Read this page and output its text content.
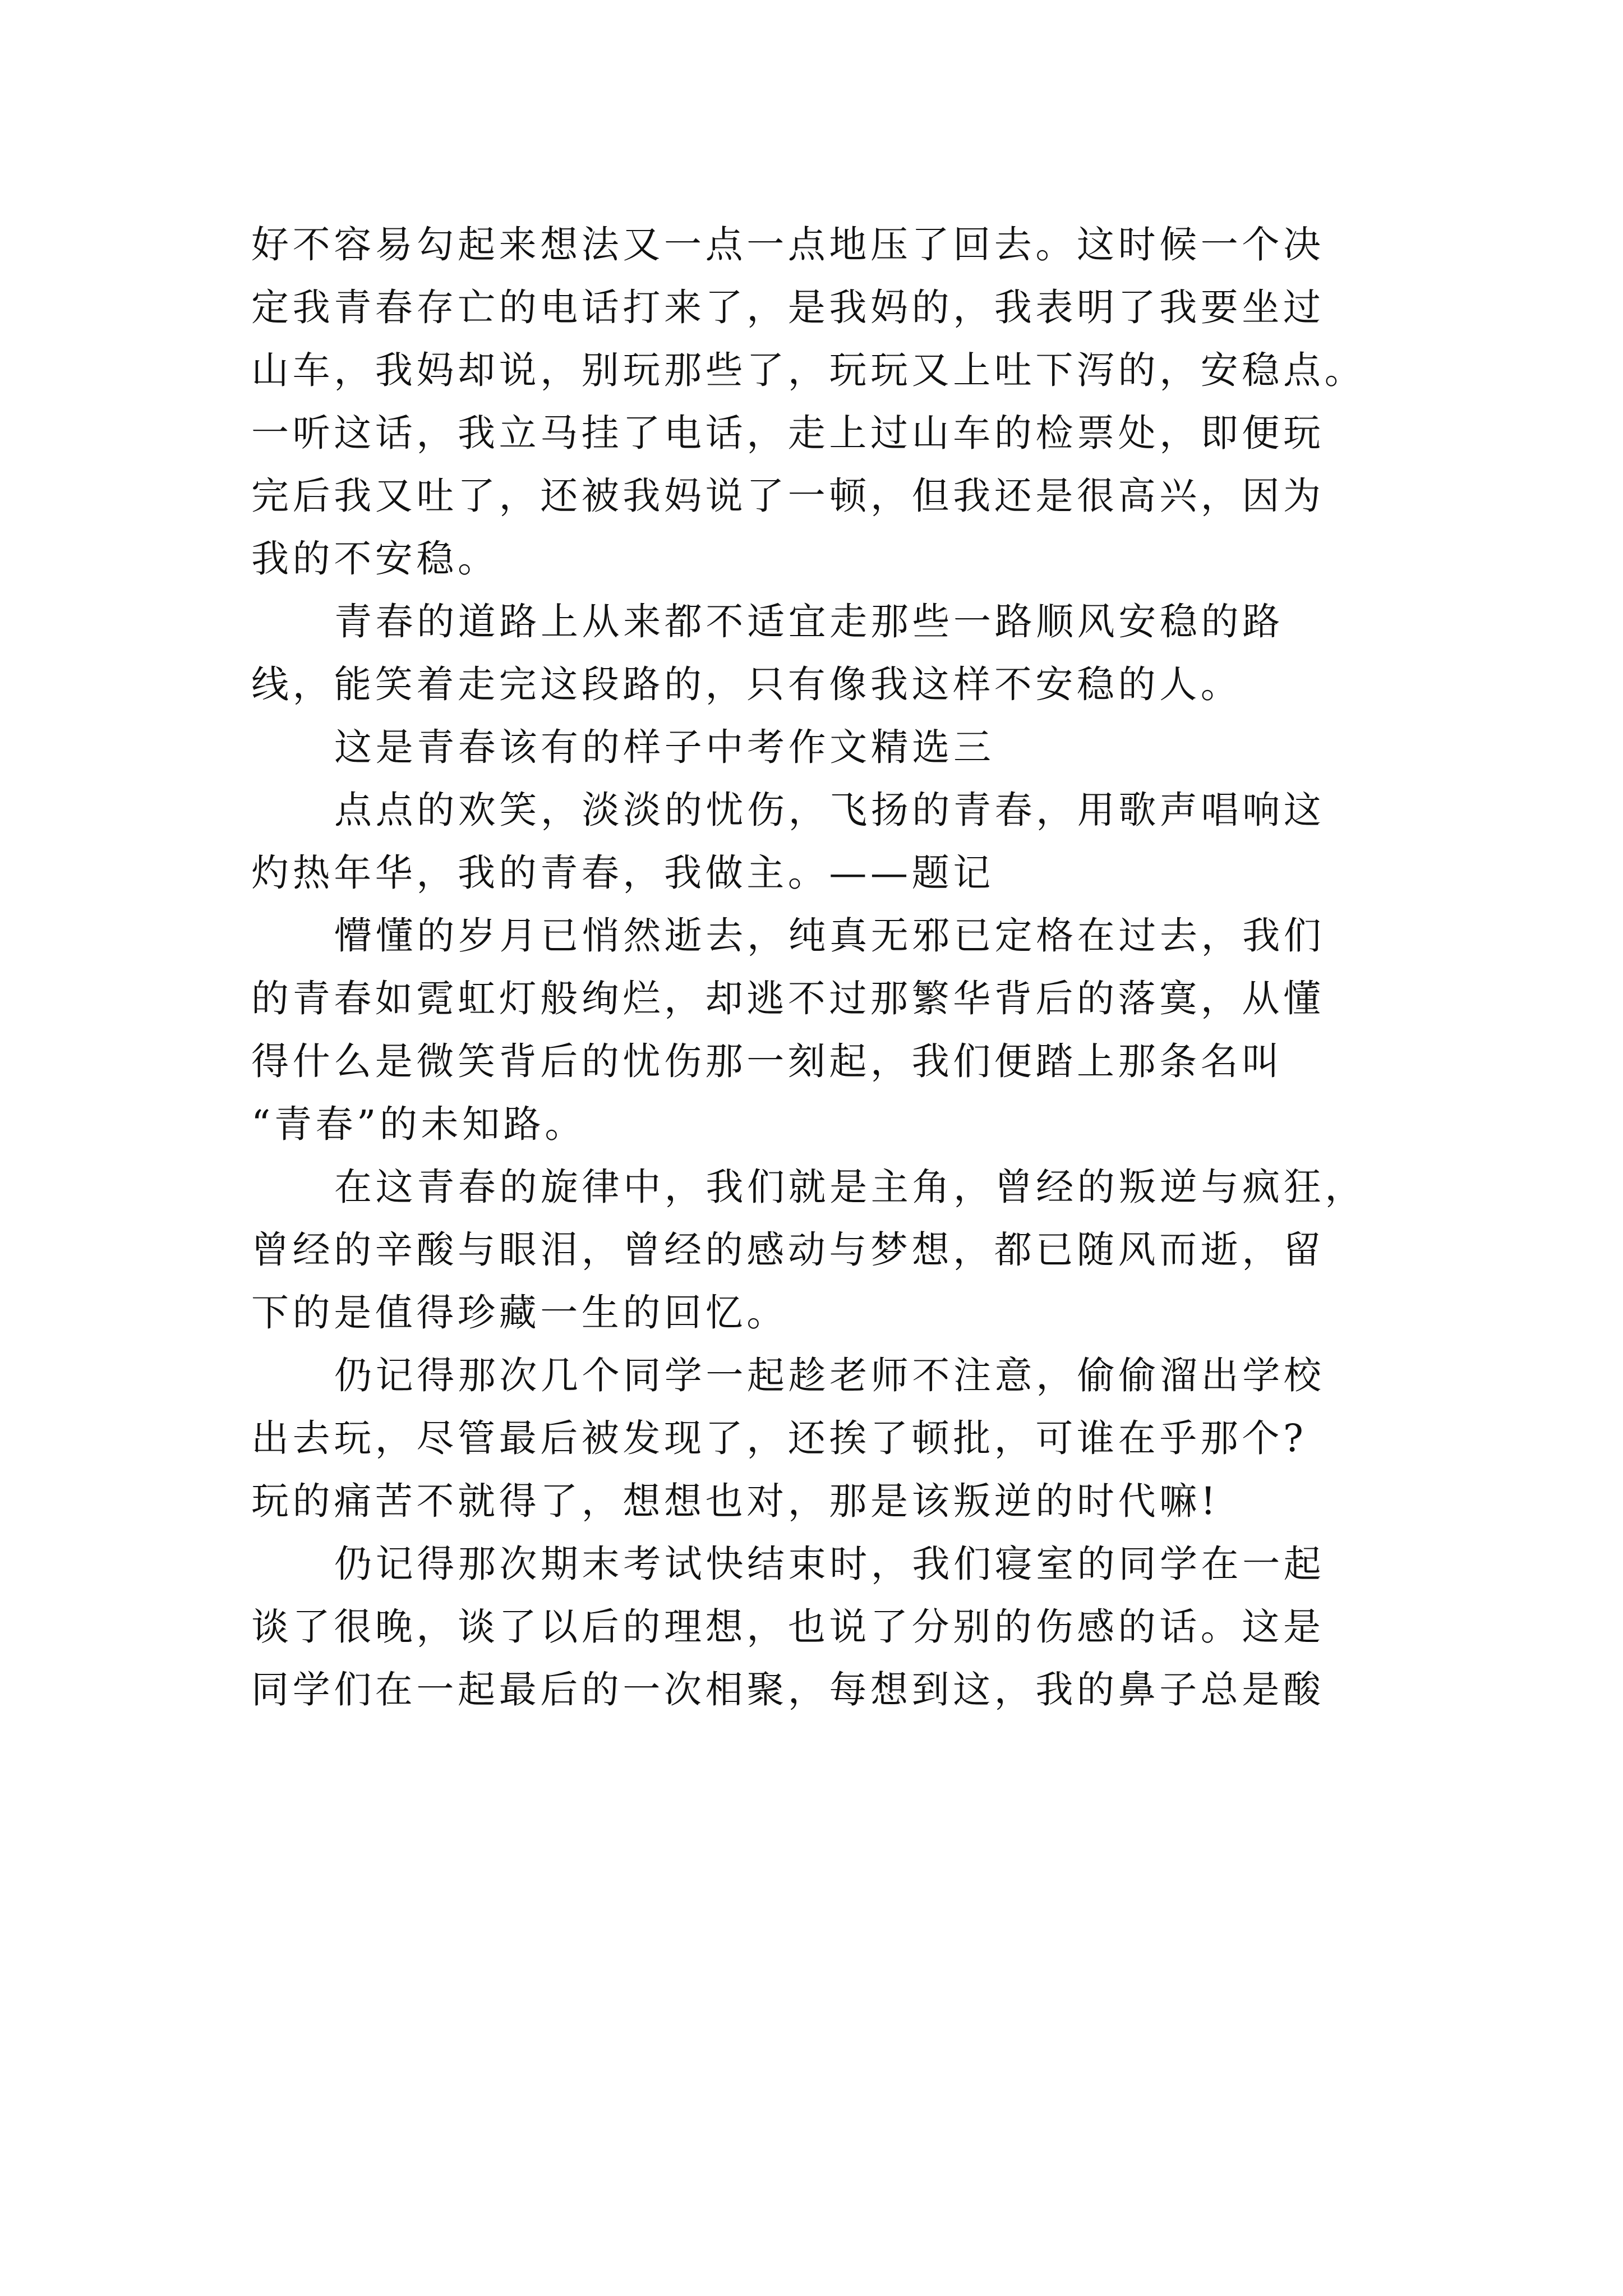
好不容易勾起来想法又一点一点地压了回去。这时候一个决
定我青春存亡的电话打来了，是我妈的，我表明了我要坐过
山车，我妈却说，别玩那些了，玩玩又上吐下泻的，安稳点。
一听这话，我立马挂了电话，走上过山车的检票处，即便玩
完后我又吐了，还被我妈说了一顿，但我还是很高兴，因为
我的不安稳。

青春的道路上从来都不适宜走那些一路顺风安稳的路
线，能笑着走完这段路的，只有像我这样不安稳的人。

这是青春该有的样子中考作文精选三

点点的欢笑，淡淡的忧伤，飞扬的青春，用歌声唱响这
灼热年华，我的青春，我做主。——题记

懵懂的岁月已悄然逝去，纯真无邪已定格在过去，我们
的青春如霓虹灯般绚烂，却逃不过那繁华背后的落寞，从懂
得什么是微笑背后的忧伤那一刻起，我们便踏上那条名叫
“青春”的未知路。

在这青春的旋律中，我们就是主角，曾经的叛逆与疯狂，
曾经的辛酸与眼泪，曾经的感动与梦想，都已随风而逝，留
下的是值得珍藏一生的回忆。

仍记得那次几个同学一起趁老师不注意，偷偷溜出学校
出去玩，尽管最后被发现了，还挨了顿批，可谁在乎那个?
玩的痛苦不就得了，想想也对，那是该叛逆的时代嘛!

仍记得那次期末考试快结束时，我们寝室的同学在一起
谈了很晚，谈了以后的理想，也说了分别的伤感的话。这是
同学们在一起最后的一次相聚，每想到这，我的鼻子总是酸
